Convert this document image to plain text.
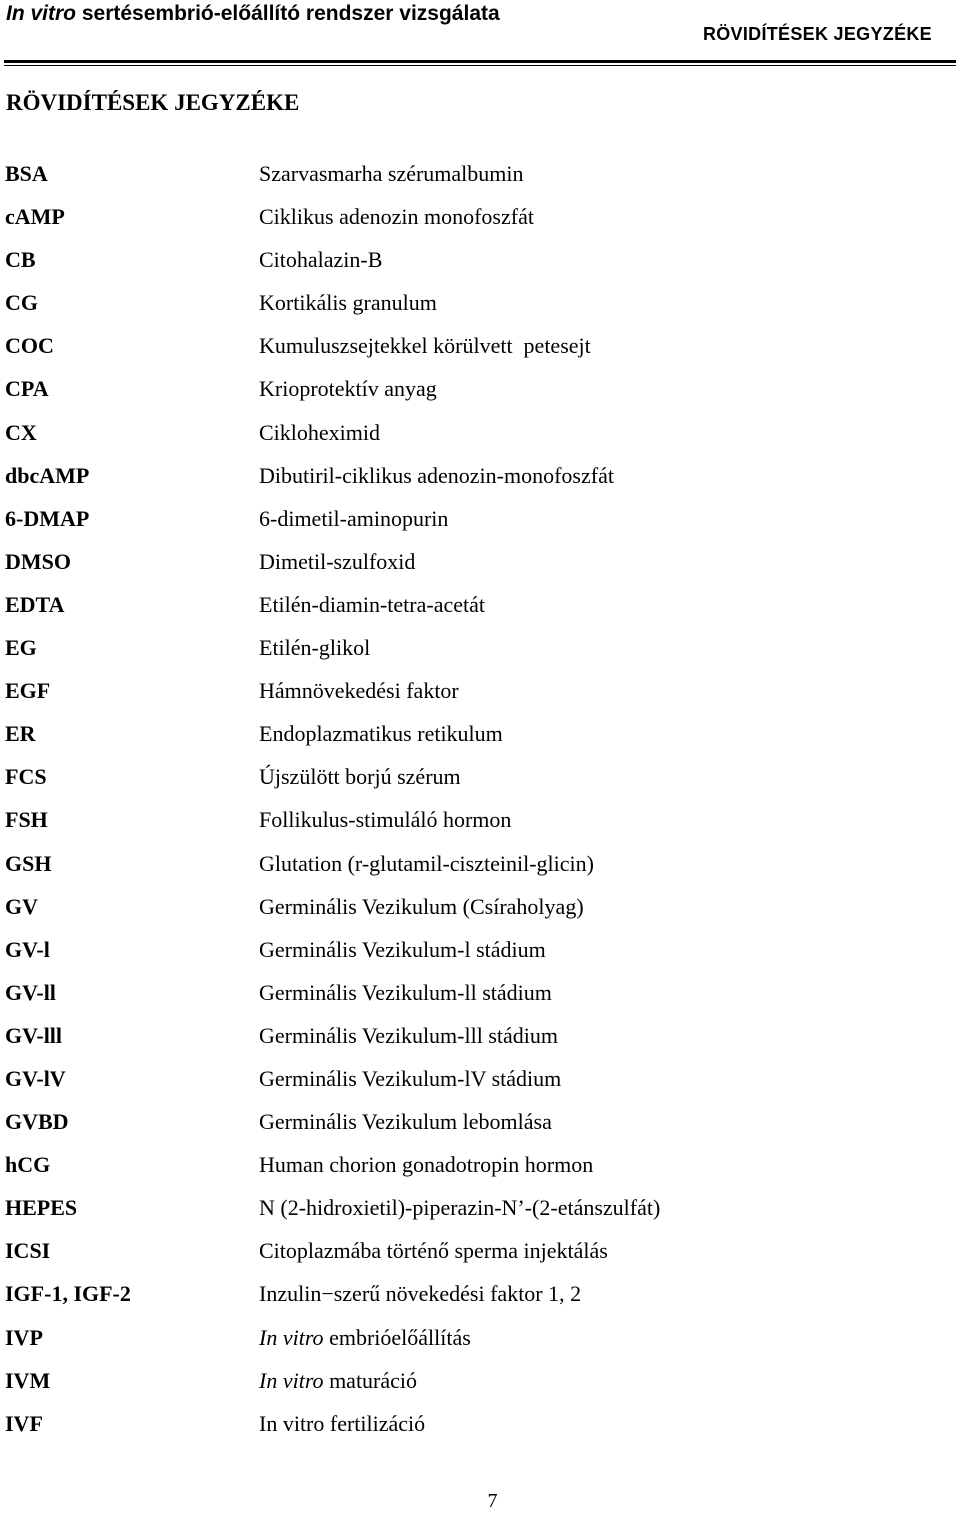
In vitro sertésembrió-előállító rendszer vizsgálata
RÖVIDÍTÉSEK JEGYZÉKE
RÖVIDÍTÉSEK JEGYZÉKE
BSA	Szarvasmarha szérumalbumin
cAMP	Ciklikus adenozin monofoszfát
CB	Citohalazin-B
CG	Kortikális granulum
COC	Kumuluszsejtekkel körülvett  petesejt
CPA	Krioprotektív anyag
CX	Cikloheximid
dbcAMP	Dibutiril-ciklikus adenozin-monofoszfát
6-DMAP	6-dimetil-aminopurin
DMSO	Dimetil-szulfoxid
EDTA	Etilén-diamin-tetra-acetát
EG	Etilén-glikol
EGF	Hámnövekedési faktor
ER	Endoplazmatikus retikulum
FCS	Újszülött borjú szérum
FSH	Follikulus-stimuláló hormon
GSH	Glutation (r-glutamil-ciszteinil-glicin)
GV	Germinális Vezikulum (Csíraholyag)
GV-l	Germinális Vezikulum-l stádium
GV-ll	Germinális Vezikulum-ll stádium
GV-lll	Germinális Vezikulum-lll stádium
GV-lV	Germinális Vezikulum-lV stádium
GVBD	Germinális Vezikulum lebomlása
hCG	Human chorion gonadotropin hormon
HEPES	N (2-hidroxietil)-piperazin-N’-(2-etánszulfát)
ICSI	Citoplazmába történő sperma injektálás
IGF-1, IGF-2	Inzulin−szerű növekedési faktor 1, 2
IVP	In vitro embrióelőállítás
IVM	In vitro maturáció
IVF	In vitro fertilizáció
7
